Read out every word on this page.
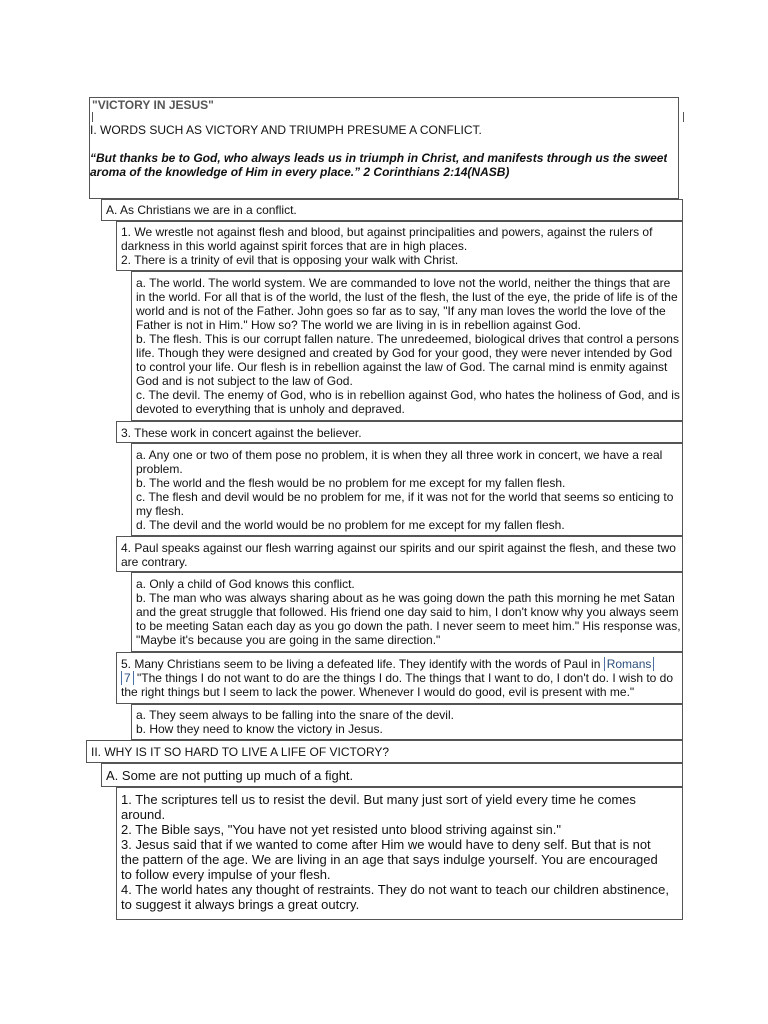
"VICTORY IN JESUS"
I. WORDS SUCH AS VICTORY AND TRIUMPH PRESUME A CONFLICT.
“But thanks be to God, who always leads us in triumph in Christ, and manifests through us the sweet
aroma of the knowledge of Him in every place.” 2 Corinthians 2:14(NASB)
A. As Christians we are in a conflict.
1. We wrestle not against flesh and blood, but against principalities and powers, against the rulers of
darkness in this world against spirit forces that are in high places.
2. There is a trinity of evil that is opposing your walk with Christ.
a. The world. The world system. We are commanded to love not the world, neither the things that are
in the world. For all that is of the world, the lust of the flesh, the lust of the eye, the pride of life is of the
world and is not of the Father. John goes so far as to say, "If any man loves the world the love of the
Father is not in Him." How so? The world we are living in is in rebellion against God.
b. The flesh. This is our corrupt fallen nature. The unredeemed, biological drives that control a persons
life. Though they were designed and created by God for your good, they were never intended by God
to control your life. Our flesh is in rebellion against the law of God. The carnal mind is enmity against
God and is not subject to the law of God.
c. The devil. The enemy of God, who is in rebellion against God, who hates the holiness of God, and is
devoted to everything that is unholy and depraved.
3. These work in concert against the believer.
a. Any one or two of them pose no problem, it is when they all three work in concert, we have a real
problem.
b. The world and the flesh would be no problem for me except for my fallen flesh.
c. The flesh and devil would be no problem for me, if it was not for the world that seems so enticing to
my flesh.
d. The devil and the world would be no problem for me except for my fallen flesh.
4. Paul speaks against our flesh warring against our spirits and our spirit against the flesh, and these two
are contrary.
a. Only a child of God knows this conflict.
b. The man who was always sharing about as he was going down the path this morning he met Satan
and the great struggle that followed. His friend one day said to him, I don't know why you always seem
to be meeting Satan each day as you go down the path. I never seem to meet him." His response was,
"Maybe it's because you are going in the same direction."
5. Many Christians seem to be living a defeated life. They identify with the words of Paul in Romans
7 "The things I do not want to do are the things I do. The things that I want to do, I don't do. I wish to do
the right things but I seem to lack the power. Whenever I would do good, evil is present with me."
a. They seem always to be falling into the snare of the devil.
b. How they need to know the victory in Jesus.
II. WHY IS IT SO HARD TO LIVE A LIFE OF VICTORY?
A. Some are not putting up much of a fight.
1. The scriptures tell us to resist the devil. But many just sort of yield every time he comes
around.
2. The Bible says, "You have not yet resisted unto blood striving against sin."
3. Jesus said that if we wanted to come after Him we would have to deny self. But that is not
the pattern of the age. We are living in an age that says indulge yourself. You are encouraged
to follow every impulse of your flesh.
4. The world hates any thought of restraints. They do not want to teach our children abstinence,
to suggest it always brings a great outcry.
